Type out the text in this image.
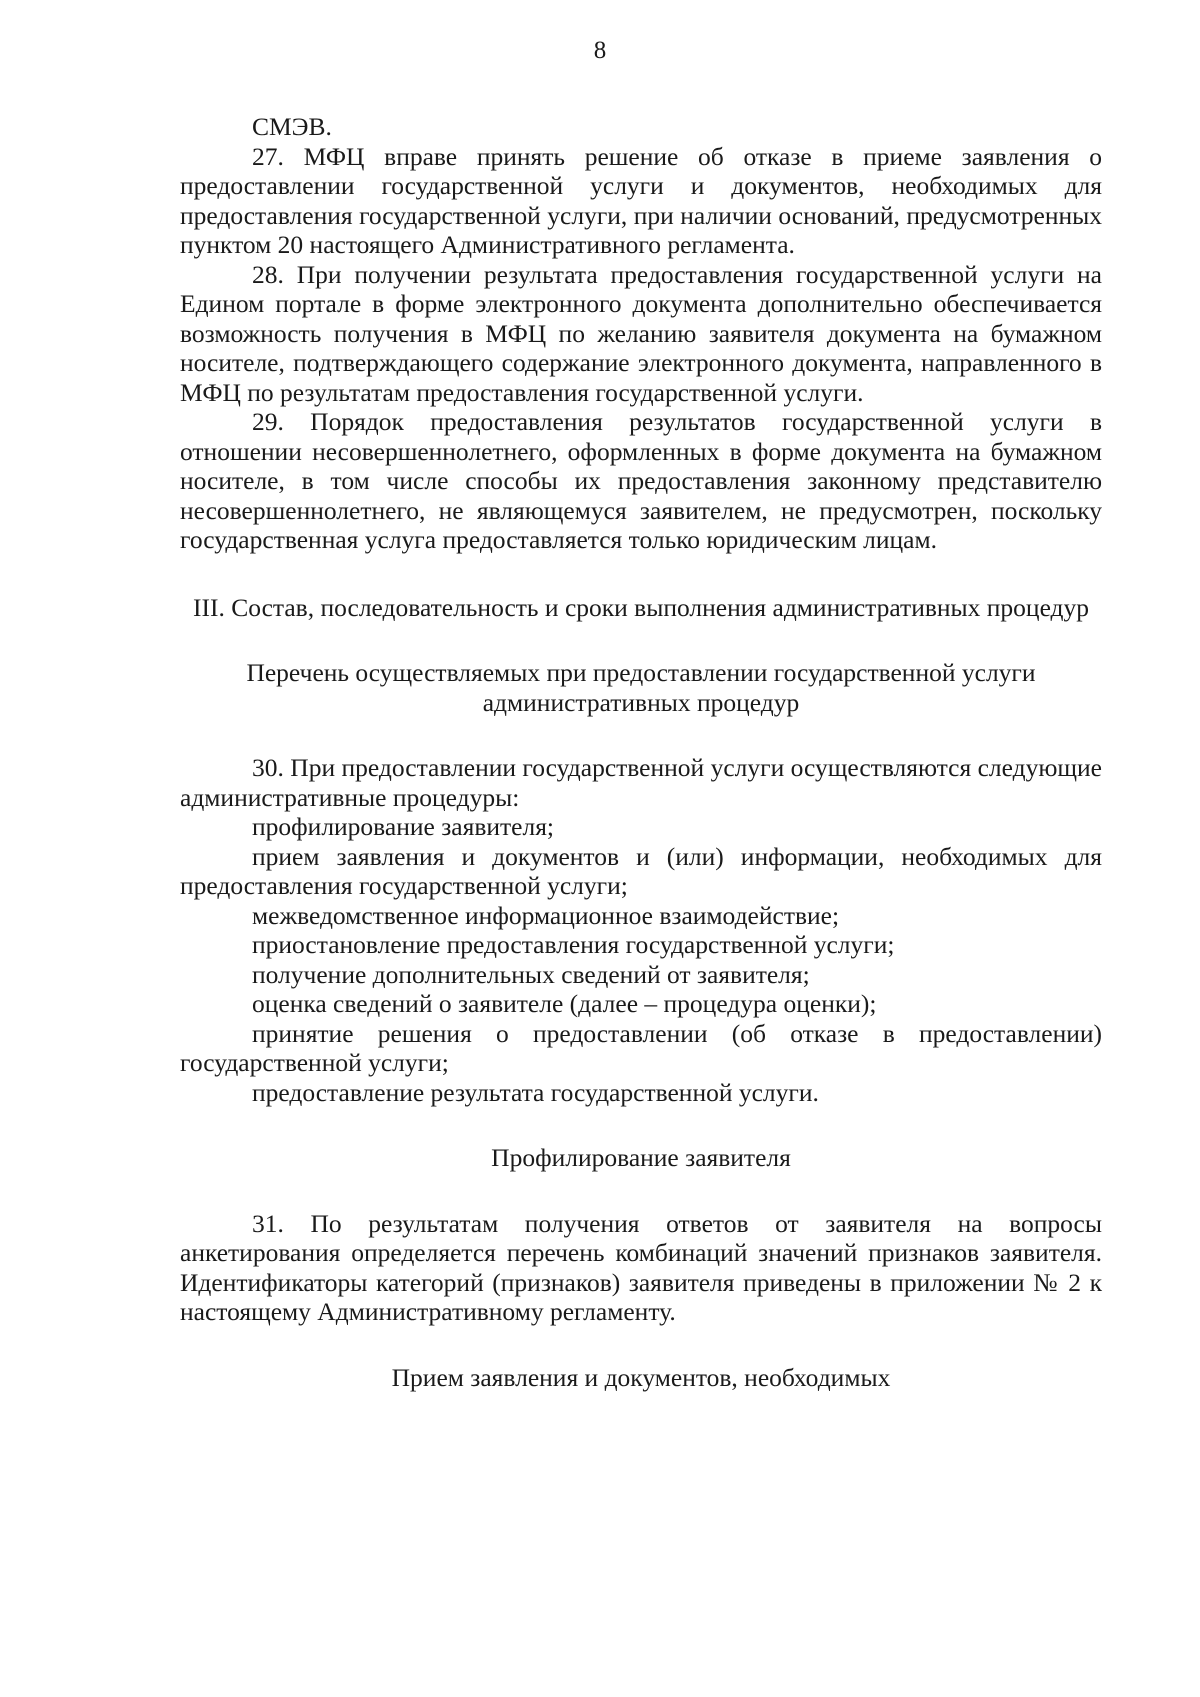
8

СМЭВ.

27. МФЦ вправе принять решение об отказе в приеме заявления о предоставлении государственной услуги и документов, необходимых для предоставления государственной услуги, при наличии оснований, предусмотренных пунктом 20 настоящего Административного регламента.

28. При получении результата предоставления государственной услуги на Едином портале в форме электронного документа дополнительно обеспечивается возможность получения в МФЦ по желанию заявителя документа на бумажном носителе, подтверждающего содержание электронного документа, направленного в МФЦ по результатам предоставления государственной услуги.

29. Порядок предоставления результатов государственной услуги в отношении несовершеннолетнего, оформленных в форме документа на бумажном носителе, в том числе способы их предоставления законному представителю несовершеннолетнего, не являющемуся заявителем, не предусмотрен, поскольку государственная услуга предоставляется только юридическим лицам.

III. Состав, последовательность и сроки выполнения административных процедур

Перечень осуществляемых при предоставлении государственной услуги административных процедур

30. При предоставлении государственной услуги осуществляются следующие административные процедуры:

профилирование заявителя;

прием заявления и документов и (или) информации, необходимых для предоставления государственной услуги;

межведомственное информационное взаимодействие;

приостановление предоставления государственной услуги;

получение дополнительных сведений от заявителя;

оценка сведений о заявителе (далее – процедура оценки);

принятие решения о предоставлении (об отказе в предоставлении) государственной услуги;

предоставление результата государственной услуги.

Профилирование заявителя

31. По результатам получения ответов от заявителя на вопросы анкетирования определяется перечень комбинаций значений признаков заявителя. Идентификаторы категорий (признаков) заявителя приведены в приложении № 2 к настоящему Административному регламенту.

Прием заявления и документов, необходимых
